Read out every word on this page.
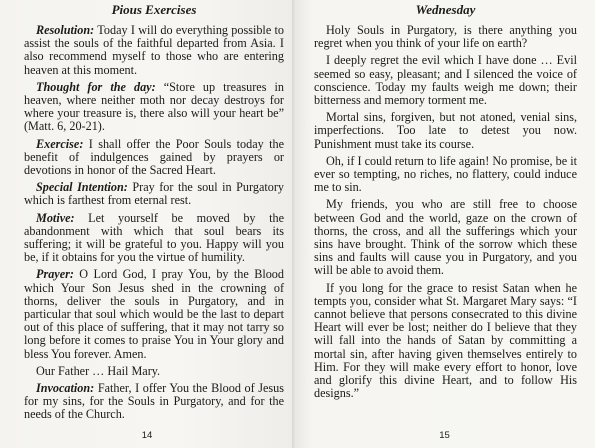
Pious Exercises

Resolution: Today I will do everything possible to assist the souls of the faithful departed from Asia. I also recommend myself to those who are entering heaven at this moment.

Thought for the day: “Store up treasures in heaven, where neither moth nor decay destroys for where your treasure is, there also will your heart be” (Matt. 6, 20-21).

Exercise: I shall offer the Poor Souls today the benefit of indulgences gained by prayers or devotions in honor of the Sacred Heart.

Special Intention: Pray for the soul in Purgatory which is farthest from eternal rest.

Motive: Let yourself be moved by the abandonment with which that soul bears its suffering; it will be grateful to you. Happy will you be, if it obtains for you the virtue of humility.

Prayer: O Lord God, I pray You, by the Blood which Your Son Jesus shed in the crowning of thorns, deliver the souls in Purgatory, and in particular that soul which would be the last to depart out of this place of suffering, that it may not tarry so long before it comes to praise You in Your glory and bless You forever. Amen.

Our Father … Hail Mary.

Invocation: Father, I offer You the Blood of Jesus for my sins, for the Souls in Purgatory, and for the needs of the Church.

14
Wednesday

Holy Souls in Purgatory, is there anything you regret when you think of your life on earth?

I deeply regret the evil which I have done … Evil seemed so easy, pleasant; and I silenced the voice of conscience. Today my faults weigh me down; their bitterness and memory torment me.

Mortal sins, forgiven, but not atoned, venial sins, imperfections. Too late to detest you now. Punishment must take its course.

Oh, if I could return to life again! No promise, be it ever so tempting, no riches, no flattery, could induce me to sin.

My friends, you who are still free to choose between God and the world, gaze on the crown of thorns, the cross, and all the sufferings which your sins have brought. Think of the sorrow which these sins and faults will cause you in Purgatory, and you will be able to avoid them.

If you long for the grace to resist Satan when he tempts you, consider what St. Margaret Mary says: “I cannot believe that persons consecrated to this divine Heart will ever be lost; neither do I believe that they will fall into the hands of Satan by committing a mortal sin, after having given themselves entirely to Him. For they will make every effort to honor, love and glorify this divine Heart, and to follow His designs.”

15
